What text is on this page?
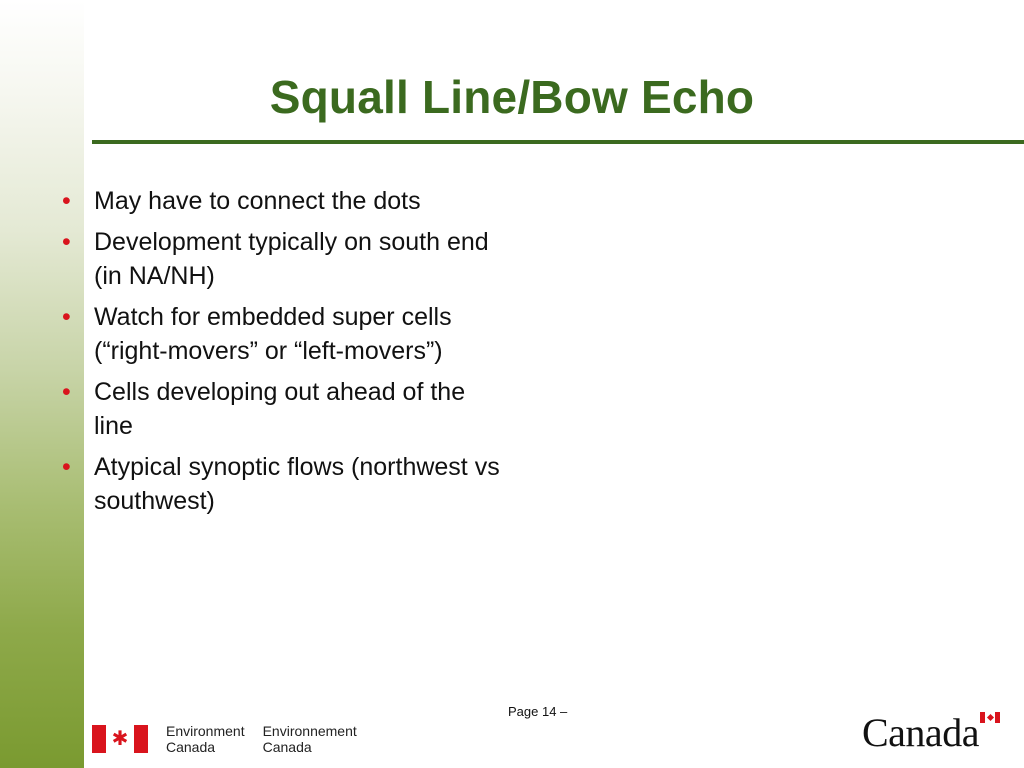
Squall Line/Bow Echo
• May have to connect the dots
• Development typically on south end (in NA/NH)
• Watch for embedded super cells (“right-movers” or “left-movers”)
• Cells developing out ahead of the line
• Atypical synoptic flows (northwest vs southwest)
Page 14 –
✱	Environment
Canada
Environnement
Canada	Canada
